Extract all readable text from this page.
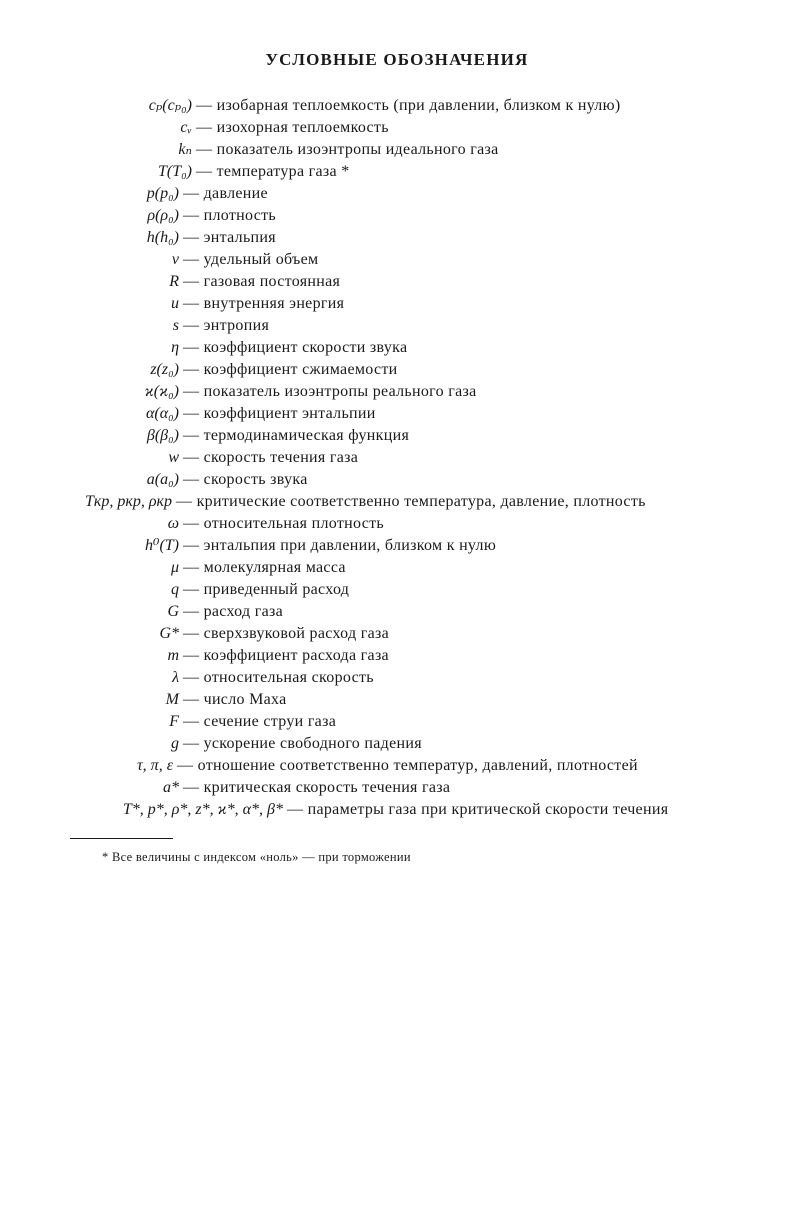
УСЛОВНЫЕ ОБОЗНАЧЕНИЯ
cₚ(cₚ₀) — изобарная теплоемкость (при давлении, близком к нулю)
cᵥ — изохорная теплоемкость
kₙ — показатель изоэнтропы идеального газа
T(T₀) — температура газа *
p(p₀) — давление
ρ(ρ₀) — плотность
h(h₀) — энтальпия
v — удельный объем
R — газовая постоянная
u — внутренняя энергия
s — энтропия
η — коэффициент скорости звука
z(z₀) — коэффициент сжимаемости
ϰ(ϰ₀) — показатель изоэнтропы реального газа
α(α₀) — коэффициент энтальпии
β(β₀) — термодинамическая функция
w — скорость течения газа
a(a₀) — скорость звука
Tкр, pкр, ρкр — критические соответственно температура, давление, плотность
ω — относительная плотность
h⁰(T) — энтальпия при давлении, близком к нулю
μ — молекулярная масса
q — приведенный расход
G — расход газа
G* — сверхзвуковой расход газа
m — коэффициент расхода газа
λ — относительная скорость
M — число Маха
F — сечение струи газа
g — ускорение свободного падения
τ, π, ε — отношение соответственно температур, давлений, плотностей
a* — критическая скорость течения газа
T*, p*, ρ*, z*, ϰ*, α*, β* — параметры газа при критической скорости течения
* Все величины с индексом «ноль» — при торможении
